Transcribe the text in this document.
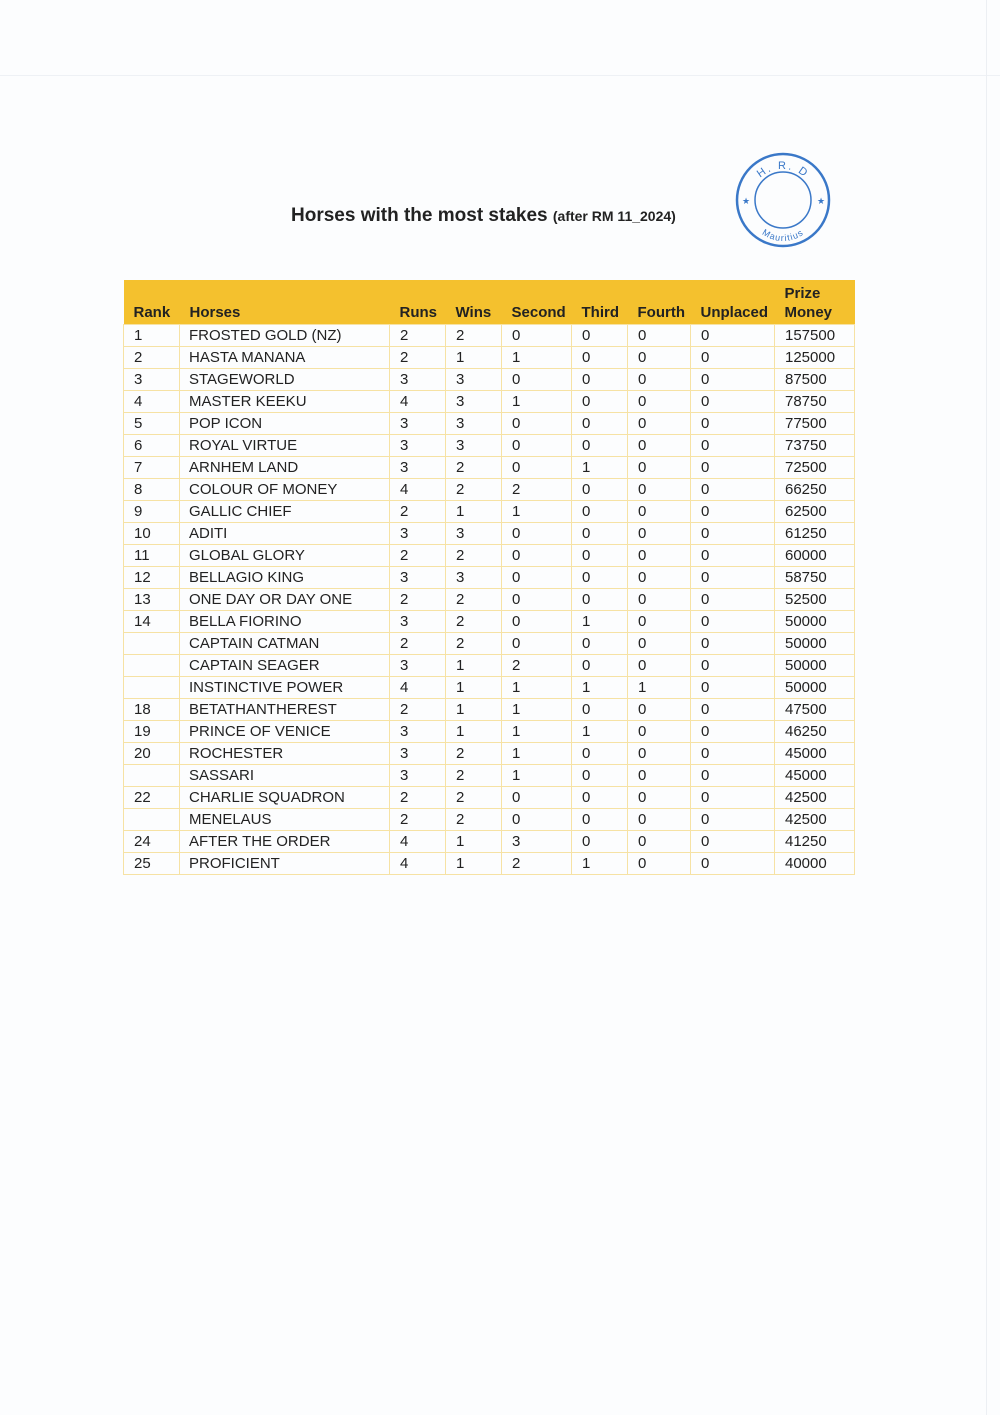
Horses with the most stakes (after RM 11_2024)
H. R. D
Mauritius
★	★
Rank	Horses	Runs	Wins	Second	Third	Fourth	Unplaced	Prize
Money
1	FROSTED GOLD (NZ)	2	2	0	0	0	0	157500
2	HASTA MANANA	2	1	1	0	0	0	125000
3	STAGEWORLD	3	3	0	0	0	0	87500
4	MASTER KEEKU	4	3	1	0	0	0	78750
5	POP ICON	3	3	0	0	0	0	77500
6	ROYAL VIRTUE	3	3	0	0	0	0	73750
7	ARNHEM LAND	3	2	0	1	0	0	72500
8	COLOUR OF MONEY	4	2	2	0	0	0	66250
9	GALLIC CHIEF	2	1	1	0	0	0	62500
10	ADITI	3	3	0	0	0	0	61250
11	GLOBAL GLORY	2	2	0	0	0	0	60000
12	BELLAGIO KING	3	3	0	0	0	0	58750
13	ONE DAY OR DAY ONE	2	2	0	0	0	0	52500
14	BELLA FIORINO	3	2	0	1	0	0	50000
	CAPTAIN CATMAN	2	2	0	0	0	0	50000
	CAPTAIN SEAGER	3	1	2	0	0	0	50000
	INSTINCTIVE POWER	4	1	1	1	1	0	50000
18	BETATHANTHEREST	2	1	1	0	0	0	47500
19	PRINCE OF VENICE	3	1	1	1	0	0	46250
20	ROCHESTER	3	2	1	0	0	0	45000
	SASSARI	3	2	1	0	0	0	45000
22	CHARLIE SQUADRON	2	2	0	0	0	0	42500
	MENELAUS	2	2	0	0	0	0	42500
24	AFTER THE ORDER	4	1	3	0	0	0	41250
25	PROFICIENT	4	1	2	1	0	0	40000
